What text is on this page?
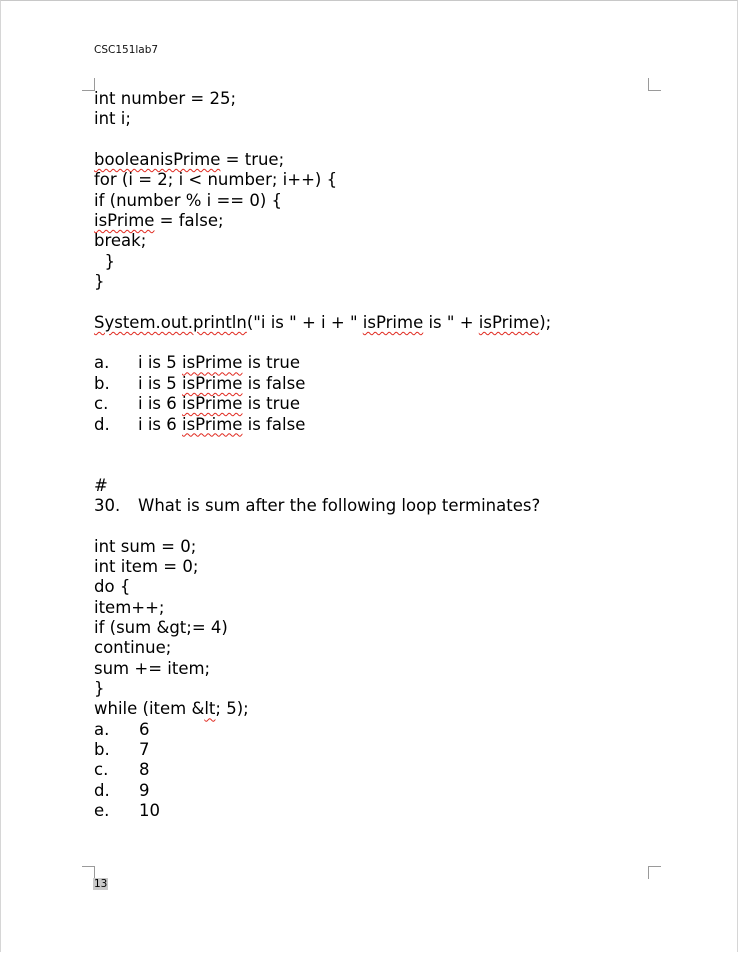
CSC151lab7
int number = 25;
int i;
booleanisPrime = true;
for (i = 2; i < number; i++) {
if (number % i == 0) {
isPrime = false;
break;
}
}
System.out.println("i is " + i + " isPrime is " + isPrime);
a. i is 5 isPrime is true
b. i is 5 isPrime is false
c. i is 6 isPrime is true
d. i is 6 isPrime is false
#
30. What is sum after the following loop terminates?
int sum = 0;
int item = 0;
do {
item++;
if (sum &gt;= 4)
continue;
sum += item;
}
while (item &lt; 5);
a. 6
b. 7
c. 8
d. 9
e. 10
13
